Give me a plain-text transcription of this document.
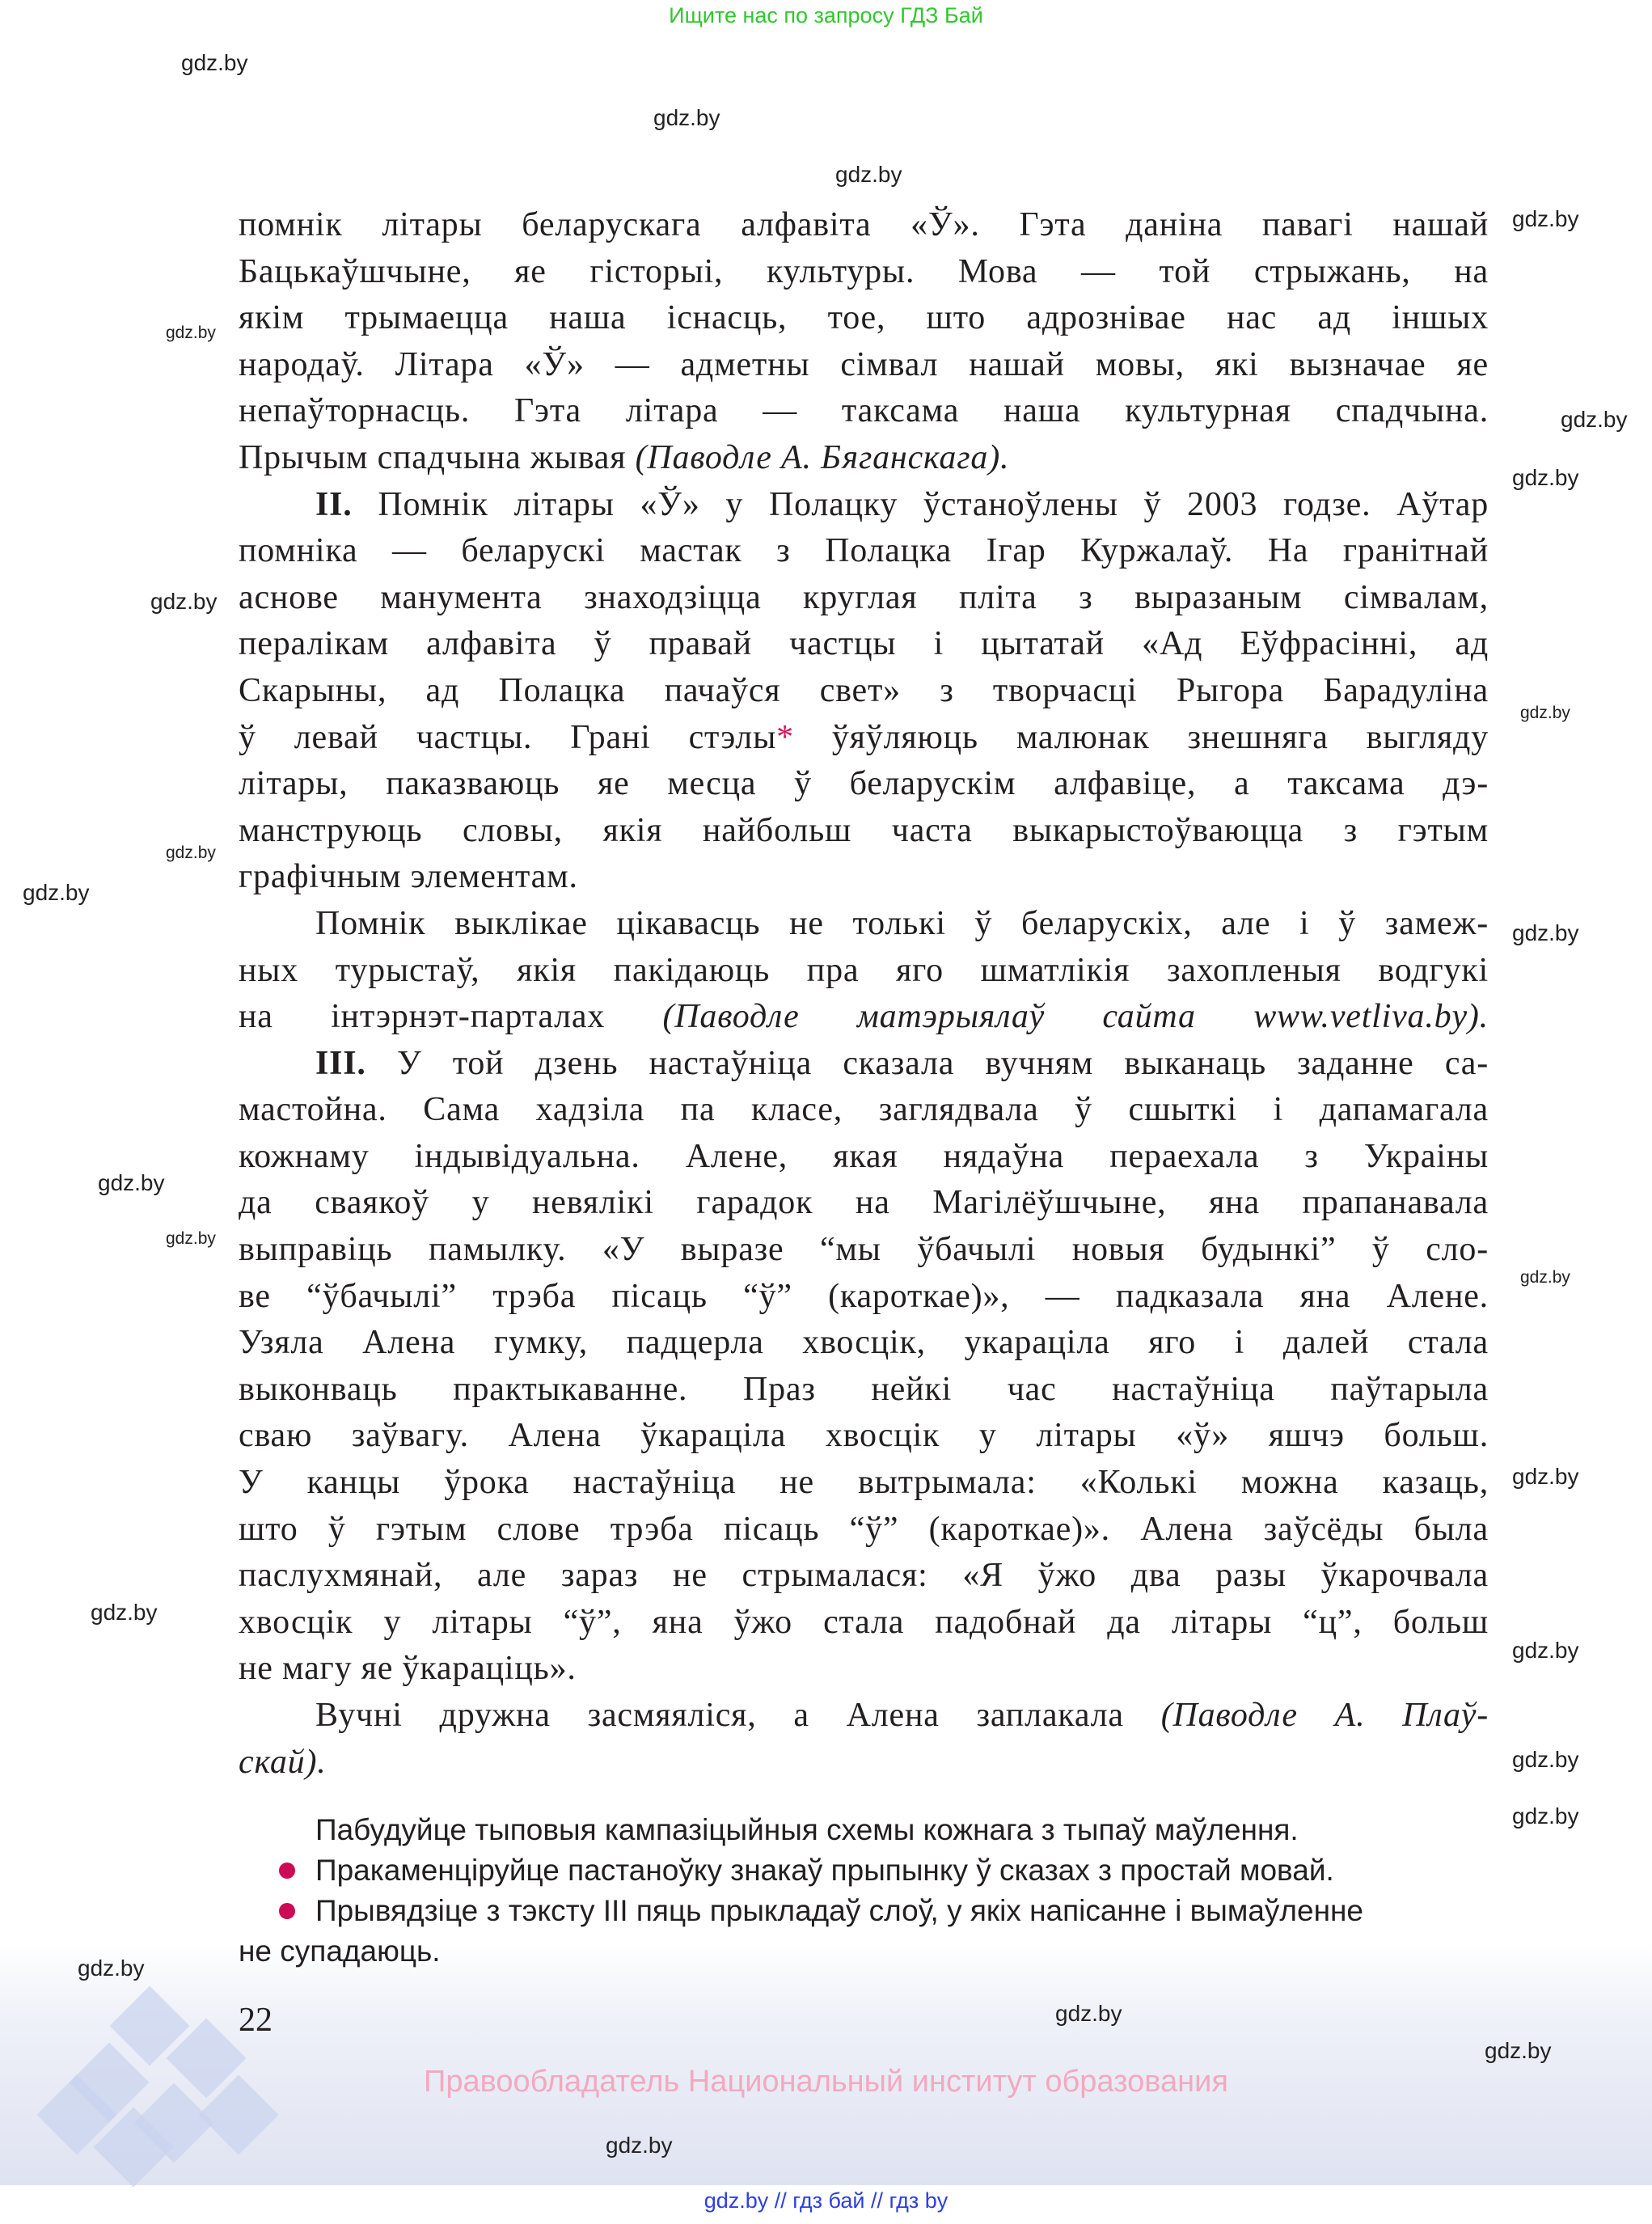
Ищите нас по запросу ГДЗ Бай
помнік літары беларускага алфавіта «Ў». Гэта даніна павагі нашай
Бацькаўшчыне, яе гісторыі, культуры. Мова — той стрыжань, на
якім трымаецца наша існасць, тое, што адрознівае нас ад іншых
народаў. Літара «Ў» — адметны сімвал нашай мовы, які вызначае яе
непаўторнасць. Гэта літара — таксама наша культурная спадчына.
Прычым спадчына жывая (Паводле А. Бяганскага).
II. Помнік літары «Ў» у Полацку ўстаноўлены ў 2003 годзе. Аўтар
помніка — беларускі мастак з Полацка Ігар Куржалаў. На гранітнай
аснове манумента знаходзіцца круглая пліта з выразаным сімвалам,
пералікам алфавіта ў правай частцы і цытатай «Ад Еўфрасінні, ад
Скарыны, ад Полацка пачаўся свет» з творчасці Рыгора Барадуліна
ў левай частцы. Грані стэлы* ўяўляюць малюнак знешняга выгляду
літары, паказваюць яе месца ў беларускім алфавіце, а таксама дэ-
манструюць словы, якія найбольш часта выкарыстоўваюцца з гэтым
графічным элементам.
Помнік выклікае цікавасць не толькі ў беларускіх, але і ў замеж-
ных турыстаў, якія пакідаюць пра яго шматлікія захопленыя водгукі
на інтэрнэт-парталах (Паводле матэрыялаў сайта www.vetliva.by).
III. У той дзень настаўніца сказала вучням выканаць заданне са-
мастойна. Сама хадзіла па класе, заглядвала ў сшыткі і дапамагала
кожнаму індывідуальна. Алене, якая нядаўна пераехала з Украіны
да сваякоў у невялікі гарадок на Магілёўшчыне, яна прапанавала
выправіць памылку. «У выразе “мы ўбачылі новыя будынкі” ў сло-
ве “ўбачылі” трэба пісаць “ў” (кароткае)», — падказала яна Алене.
Узяла Алена гумку, падцерла хвосцік, укараціла яго і далей стала
выконваць практыкаванне. Праз нейкі час настаўніца паўтарыла
сваю заўвагу. Алена ўкараціла хвосцік у літары «ў» яшчэ больш.
У канцы ўрока настаўніца не вытрымала: «Колькі можна казаць,
што ў гэтым слове трэба пісаць “ў” (кароткае)». Алена заўсёды была
паслухмянай, але зараз не стрымалася: «Я ўжо два разы ўкарочвала
хвосцік у літары “ў”, яна ўжо стала падобнай да літары “ц”, больш
не магу яе ўкараціць».
Вучні дружна засмяяліся, а Алена заплакала (Паводле А. Плаў-
скай).
Пабудуйце тыповыя кампазіцыйныя схемы кожнага з тыпаў маўлення.
Пракаменціруйце пастаноўку знакаў прыпынку ў сказах з простай мовай.
Прывядзіце з тэксту III пяць прыкладаў слоў, у якіх напісанне і вымаўленне
не супадаюць.
22
Правообладатель Национальный институт образования
gdz.by // гдз бай // гдз by
gdz.by
gdz.by
gdz.by
gdz.by
gdz.by
gdz.by
gdz.by
gdz.by
gdz.by
gdz.by
gdz.by
gdz.by
gdz.by
gdz.by
gdz.by
gdz.by
gdz.by
gdz.by
gdz.by
gdz.by
gdz.by
gdz.by
gdz.by
gdz.by
